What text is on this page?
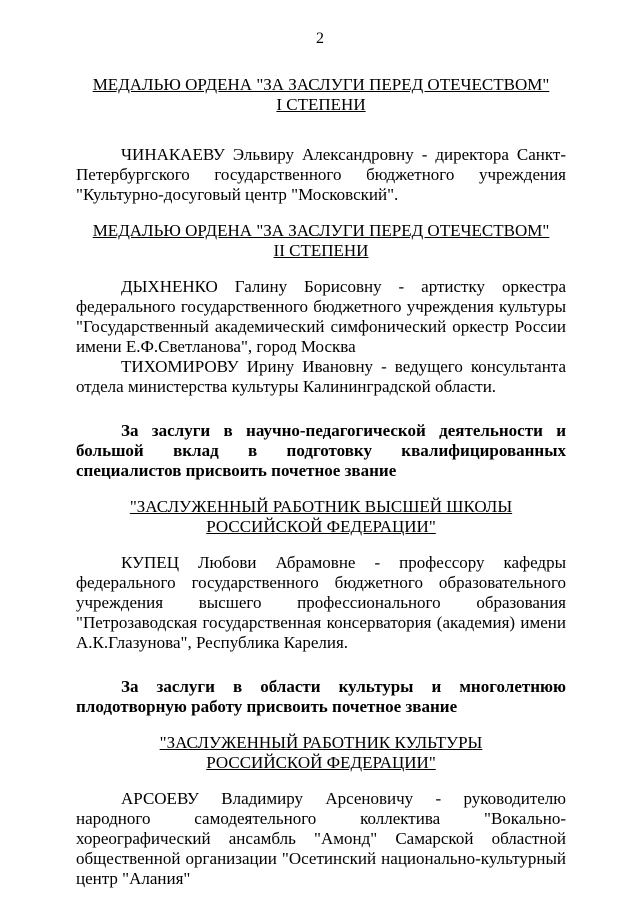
2

МЕДАЛЬЮ ОРДЕНА "ЗА ЗАСЛУГИ ПЕРЕД ОТЕЧЕСТВОМ"
I СТЕПЕНИ

ЧИНАКАЕВУ Эльвиру Александровну - директора Санкт-Петербургского государственного бюджетного учреждения "Культурно-досуговый центр "Московский".

МЕДАЛЬЮ ОРДЕНА "ЗА ЗАСЛУГИ ПЕРЕД ОТЕЧЕСТВОМ"
II СТЕПЕНИ

ДЫХНЕНКО Галину Борисовну - артистку оркестра федерального государственного бюджетного учреждения культуры "Государственный академический симфонический оркестр России имени Е.Ф.Светланова", город Москва

ТИХОМИРОВУ Ирину Ивановну - ведущего консультанта отдела министерства культуры Калининградской области.

За заслуги в научно-педагогической деятельности и большой вклад в подготовку квалифицированных специалистов присвоить почетное звание

"ЗАСЛУЖЕННЫЙ РАБОТНИК ВЫСШЕЙ ШКОЛЫ
РОССИЙСКОЙ ФЕДЕРАЦИИ"

КУПЕЦ Любови Абрамовне - профессору кафедры федерального государственного бюджетного образовательного учреждения высшего профессионального образования "Петрозаводская государственная консерватория (академия) имени А.К.Глазунова", Республика Карелия.

За заслуги в области культуры и многолетнюю плодотворную работу присвоить почетное звание

"ЗАСЛУЖЕННЫЙ РАБОТНИК КУЛЬТУРЫ
РОССИЙСКОЙ ФЕДЕРАЦИИ"

АРСОЕВУ Владимиру Арсеновичу - руководителю народного самодеятельного коллектива "Вокально-хореографический ансамбль "Амонд" Самарской областной общественной организации "Осетинский национально-культурный центр "Алания"
